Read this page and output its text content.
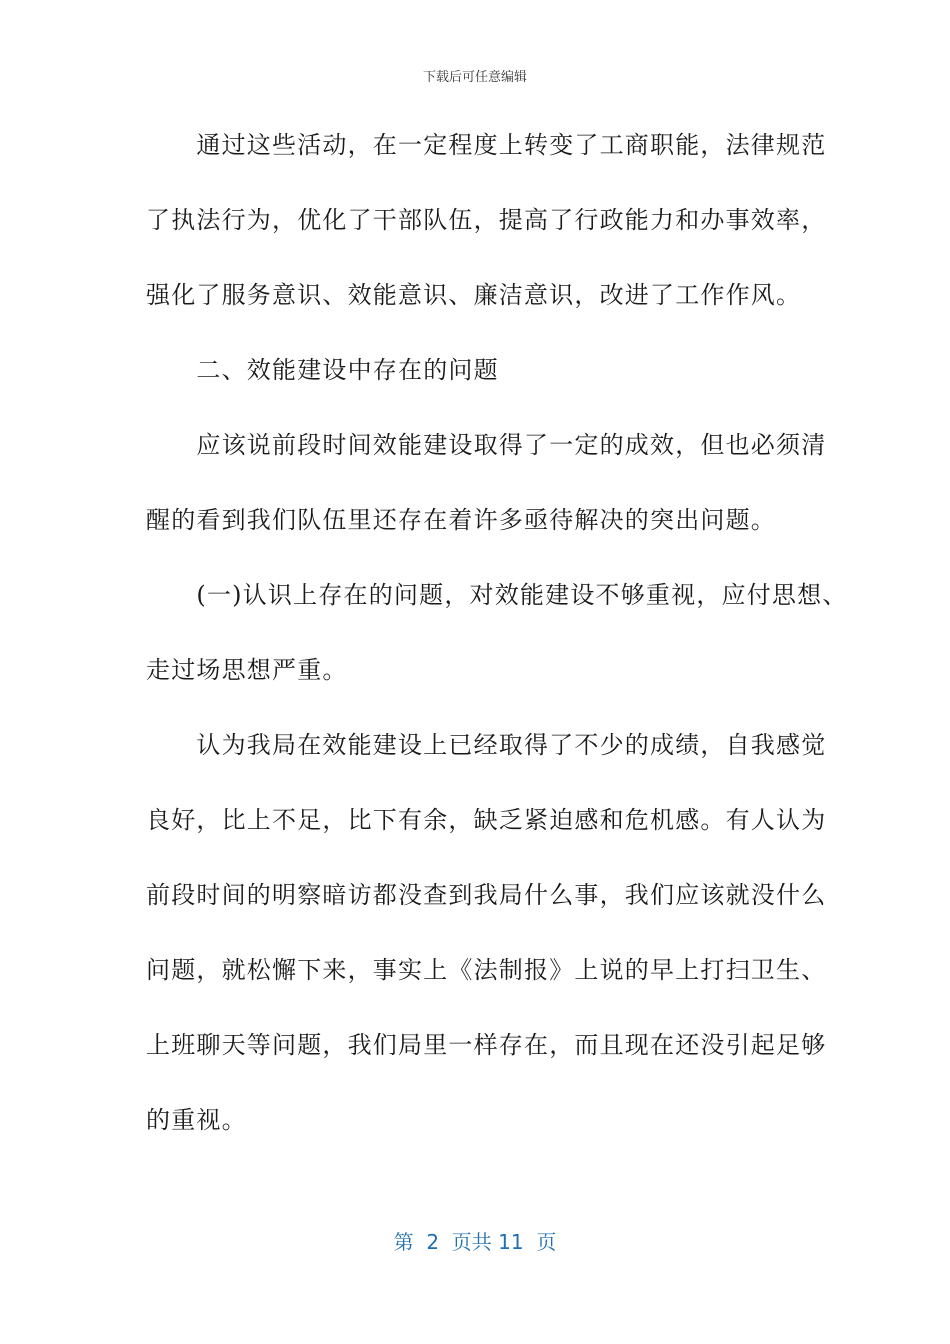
下载后可任意编辑
　　通过这些活动，在一定程度上转变了工商职能，法律规范
了执法行为，优化了干部队伍，提高了行政能力和办事效率，
强化了服务意识、效能意识、廉洁意识，改进了工作作风。
　　二、效能建设中存在的问题
　　应该说前段时间效能建设取得了一定的成效，但也必须清
醒的看到我们队伍里还存在着许多亟待解决的突出问题。
　　(一)认识上存在的问题，对效能建设不够重视，应付思想、
走过场思想严重。
　　认为我局在效能建设上已经取得了不少的成绩，自我感觉
良好，比上不足，比下有余，缺乏紧迫感和危机感。有人认为
前段时间的明察暗访都没查到我局什么事，我们应该就没什么
问题，就松懈下来，事实上《法制报》上说的早上打扫卫生、
上班聊天等问题，我们局里一样存在，而且现在还没引起足够
的重视。
第  2  页共 11  页
